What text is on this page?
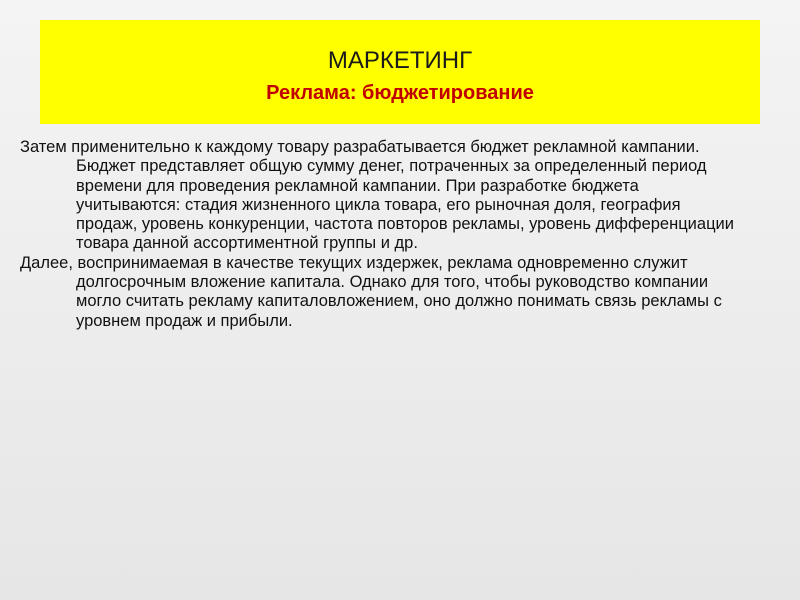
МАРКЕТИНГ
Реклама: бюджетирование

Затем применительно к каждому товару разрабатывается бюджет рекламной кампании. Бюджет представляет общую сумму денег, потраченных за определенный период времени для проведения рекламной кампании. При разработке бюджета учитываются: стадия жизненного цикла товара, его рыночная доля, география продаж, уровень конкуренции, частота повторов рекламы, уровень дифференциации товара данной ассортиментной группы и др.

Далее, воспринимаемая в качестве текущих издержек, реклама одновременно служит долгосрочным вложение капитала. Однако для того, чтобы руководство компании могло считать рекламу капиталовложением, оно должно понимать связь рекламы с уровнем продаж и прибыли.
